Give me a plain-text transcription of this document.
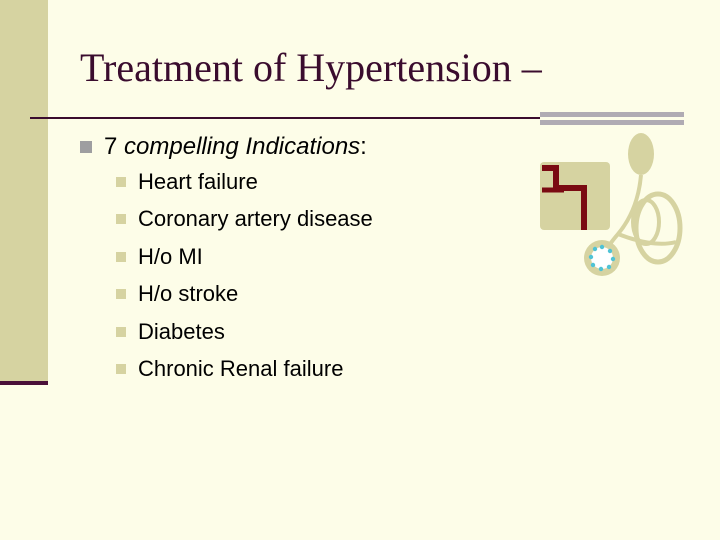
Treatment of Hypertension –
7 compelling Indications:
Heart failure
Coronary artery disease
H/o MI
H/o stroke
Diabetes
Chronic Renal failure
